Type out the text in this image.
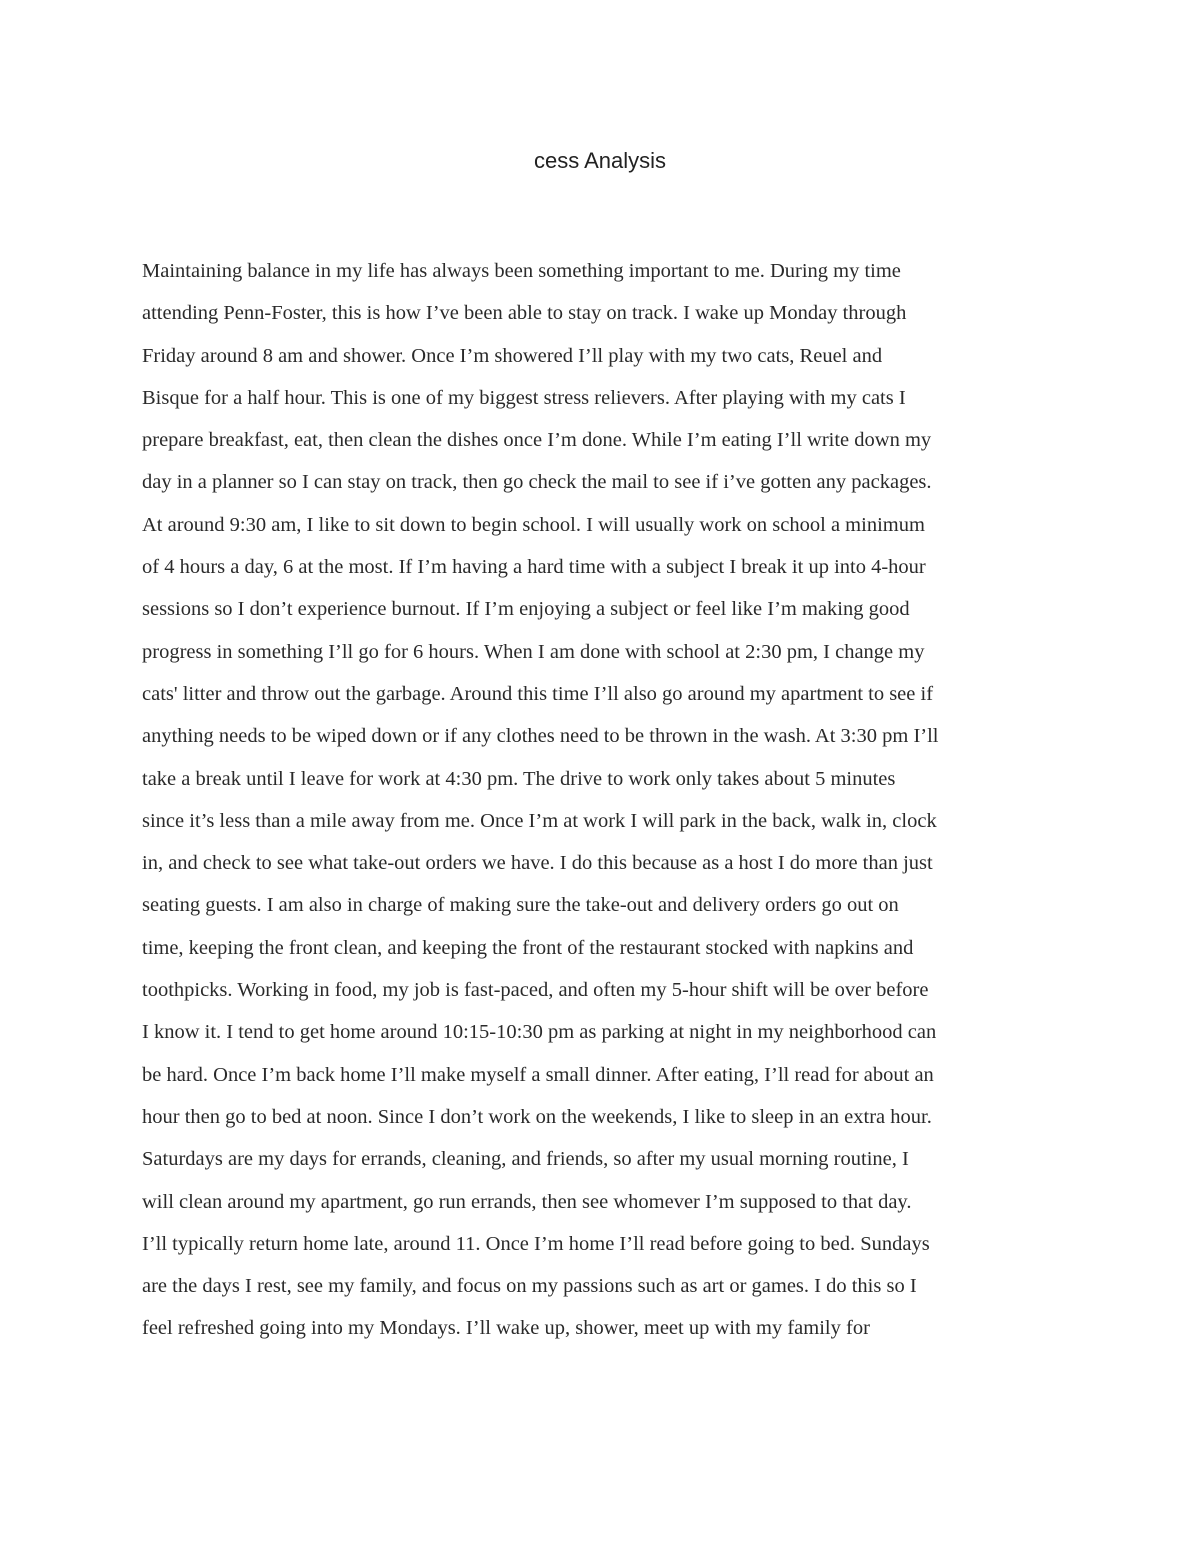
cess Analysis
Maintaining balance in my life has always been something important to me. During my time
attending Penn-Foster, this is how I’ve been able to stay on track. I wake up Monday through
Friday around 8 am and shower. Once I’m showered I’ll play with my two cats, Reuel and
Bisque for a half hour. This is one of my biggest stress relievers. After playing with my cats I
prepare breakfast, eat, then clean the dishes once I’m done. While I’m eating I’ll write down my
day in a planner so I can stay on track, then go check the mail to see if i’ve gotten any packages.
At around 9:30 am, I like to sit down to begin school. I will usually work on school a minimum
of 4 hours a day, 6 at the most. If I’m having a hard time with a subject I break it up into 4-hour
sessions so I don’t experience burnout. If I’m enjoying a subject or feel like I’m making good
progress in something I’ll go for 6 hours. When I am done with school at 2:30 pm, I change my
cats' litter and throw out the garbage. Around this time I’ll also go around my apartment to see if
anything needs to be wiped down or if any clothes need to be thrown in the wash. At 3:30 pm I’ll
take a break until I leave for work at 4:30 pm. The drive to work only takes about 5 minutes
since it’s less than a mile away from me. Once I’m at work I will park in the back, walk in, clock
in, and check to see what take-out orders we have. I do this because as a host I do more than just
seating guests. I am also in charge of making sure the take-out and delivery orders go out on
time, keeping the front clean, and keeping the front of the restaurant stocked with napkins and
toothpicks. Working in food, my job is fast-paced, and often my 5-hour shift will be over before
I know it. I tend to get home around 10:15-10:30 pm as parking at night in my neighborhood can
be hard. Once I’m back home I’ll make myself a small dinner. After eating, I’ll read for about an
hour then go to bed at noon. Since I don’t work on the weekends, I like to sleep in an extra hour.
Saturdays are my days for errands, cleaning, and friends, so after my usual morning routine, I
will clean around my apartment, go run errands, then see whomever I’m supposed to that day.
I’ll typically return home late, around 11. Once I’m home I’ll read before going to bed. Sundays
are the days I rest, see my family, and focus on my passions such as art or games. I do this so I
feel refreshed going into my Mondays. I’ll wake up, shower, meet up with my family for
